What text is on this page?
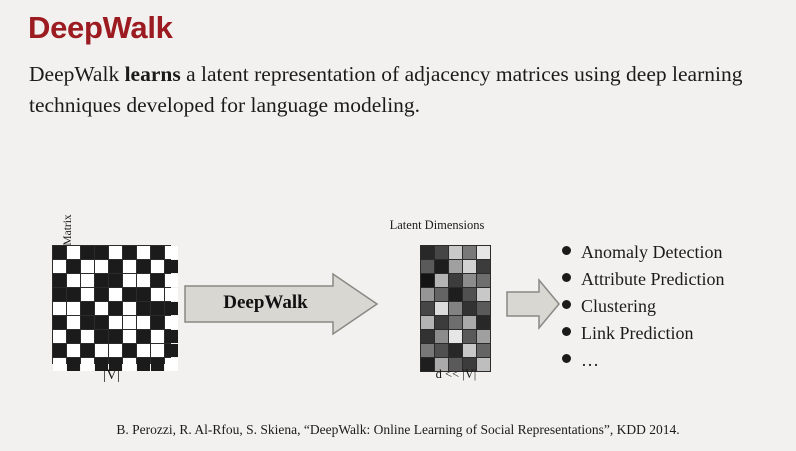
DeepWalk
DeepWalk learns a latent representation of adjacency matrices using deep learning techniques developed for language modeling.
Matrix
|V|
DeepWalk
Latent Dimensions
d << |V|
Anomaly Detection
Attribute Prediction
Clustering
Link Prediction
…
B. Perozzi, R. Al-Rfou, S. Skiena, “DeepWalk: Online Learning of Social Representations”, KDD 2014.
